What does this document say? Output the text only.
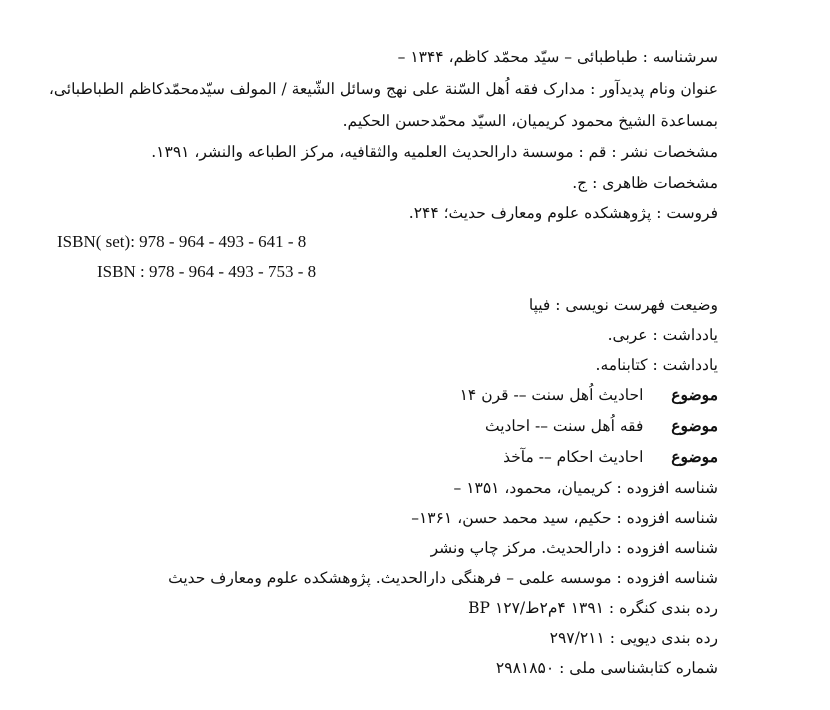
سرشناسه : طباطبائی – سیّد محمّد کاظم، ۱۳۴۴ –
عنوان ونام پدیدآور : مدارک فقه اُهل السّنة علی نهج وسائل الشّیعة / المولف سیّدمحمّدکاظم الطباطبائی،
بمساعدة الشیخ محمود کریمیان، السیّد محمّدحسن الحکیم.
مشخصات نشر : قم : موسسة دارالحدیث العلمیه والثقافیه، مرکز الطباعه والنشر، ۱۳۹۱.
مشخصات ظاهری : ج.
فروست : پژوهشکده علوم ومعارف حدیث؛ ۲۴۴.
ISBN( set): 978 - 964 - 493 - 641 - 8
ISBN : 978 - 964 - 493 - 753 - 8
وضیعت فهرست نویسی : فیپا
یادداشت : عربی.
یادداشت : کتابنامه.
موضوع  احادیث اُهل سنت –- قرن ۱۴
موضوع  فقه اُهل سنت –- احادیث
موضوع  احادیث احکام –- مآخذ
شناسه افزوده : کریمیان، محمود، ۱۳۵۱ –
شناسه افزوده : حکیم، سید محمد حسن، ۱۳۶۱–
شناسه افزوده : دارالحدیث. مرکز چاپ ونشر
شناسه افزوده : موسسه علمی – فرهنگی دارالحدیث. پژوهشکده علوم ومعارف حدیث
رده بندی کنگره : ۱۳۹۱ ۴م۲ط/۱۲۷ BP
رده بندی دیویی : ۲۹۷/۲۱۱
شماره کتابشناسی ملی : ۲۹۸۱۸۵۰
